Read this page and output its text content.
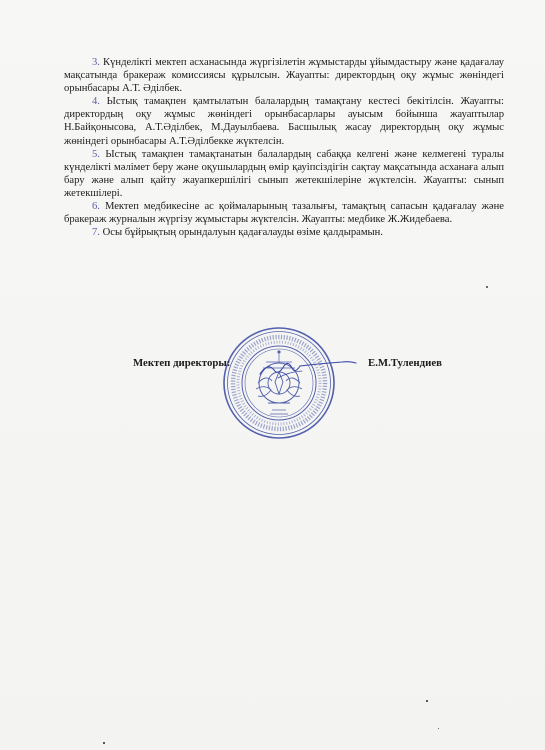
3. Күнделікті мектеп асханасында жүргізілетін жұмыстарды ұйымдастыру және қадағалау мақсатында бракераж комиссиясы құрылсын. Жауапты: директордың оқу жұмыс жөніндегі орынбасары А.Т. Әділбек.

4. Ыстық тамақпен қамтылатын балалардың тамақтану кестесі бекітілсін. Жауапты: директордың оқу жұмыс жөніндегі орынбасарлары ауысым бойынша жауаптылар Н.Байқонысова, А.Т.Әділбек, М.Дауылбаева. Басшылық жасау директордың оқу жұмыс жөніндегі орынбасары А.Т.Әділбекке жүктелсін.

5. Ыстық тамақпен тамақтанатын балалардың сабаққа келгені және келмегені туралы күнделікті мәлімет беру және оқушылардың өмір қауіпсіздігін сақтау мақсатында асханаға алып бару және алып қайту жауапкершілігі сынып жетекшілеріне жүктелсін. Жауапты: сынып жетекшілері.

6. Мектеп медбикесіне ас қоймаларының тазалығы, тамақтың сапасын қадағалау және бракераж журналын жүргізу жұмыстары жүктелсін. Жауапты: медбике Ж.Жидебаева.

7. Осы бұйрықтың орындалуын қадағалауды өзіме қалдырамын.

Мектеп директоры:	Е.М.Тулендиев
